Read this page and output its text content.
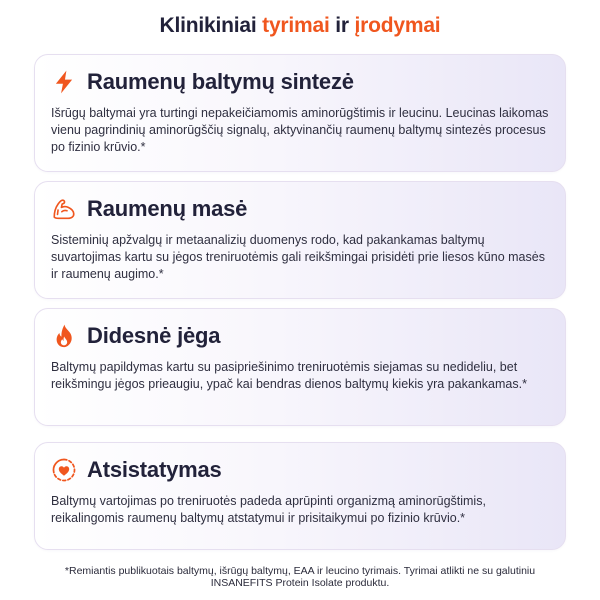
Klinikiniai tyrimai ir įrodymai
Raumenų baltymų sintezė
Išrūgų baltymai yra turtingi nepakeičiamomis aminorūgštimis ir leucinu. Leucinas laikomas vienu pagrindinių aminorūgščių signalų, aktyvinančių raumenų baltymų sintezės procesus po fizinio krūvio.*
Raumenų masė
Sisteminių apžvalgų ir metaanalizių duomenys rodo, kad pakankamas baltymų suvartojimas kartu su jėgos treniruotėmis gali reikšmingai prisidėti prie liesos kūno masės ir raumenų augimo.*
Didesnė jėga
Baltymų papildymas kartu su pasipriešinimo treniruotėmis siejamas su nedideliu, bet reikšmingu jėgos prieaugiu, ypač kai bendras dienos baltymų kiekis yra pakankamas.*
Atsistatymas
Baltymų vartojimas po treniruotės padeda aprūpinti organizmą aminorūgštimis, reikalingomis raumenų baltymų atstatymui ir prisitaikymui po fizinio krūvio.*
*Remiantis publikuotais baltymų, išrūgų baltymų, EAA ir leucino tyrimais. Tyrimai atlikti ne su galutiniu INSANEFITS Protein Isolate produktu.
